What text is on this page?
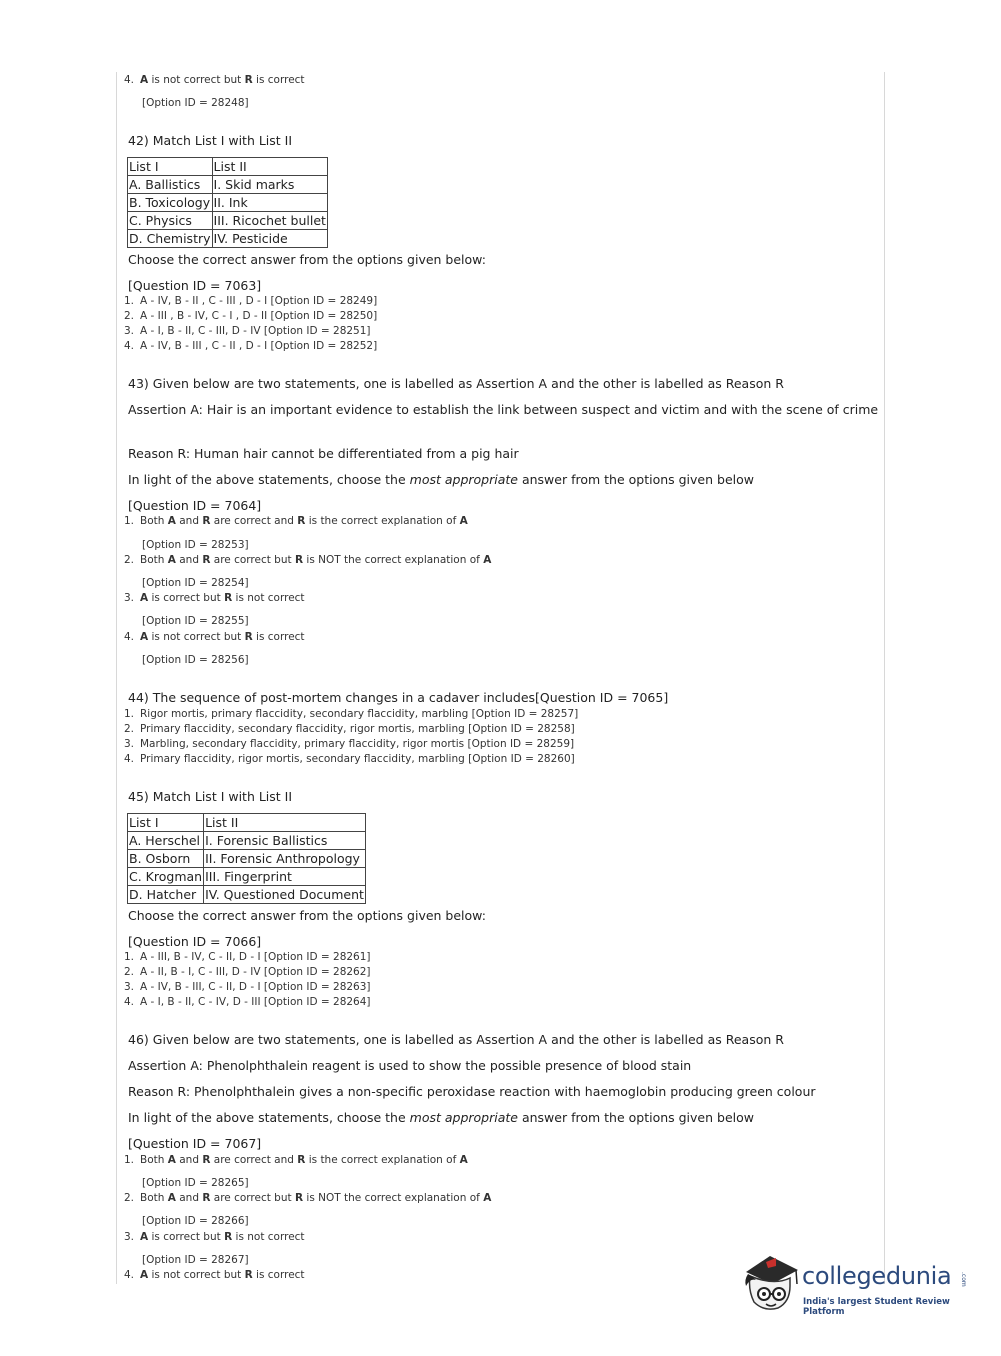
4. A is not correct but R is correct
[Option ID = 28248]
42) Match List I with List II
List I	List II
A. Ballistics	I. Skid marks
B. Toxicology	II. Ink
C. Physics	III. Ricochet bullet
D. Chemistry	IV. Pesticide
Choose the correct answer from the options given below:
[Question ID = 7063]
1. A - IV, B - II , C - III , D - I [Option ID = 28249]
2. A - III , B - IV, C - I , D - II [Option ID = 28250]
3. A - I, B - II, C - III, D - IV [Option ID = 28251]
4. A - IV, B - III , C - II , D - I [Option ID = 28252]
43) Given below are two statements, one is labelled as Assertion A and the other is labelled as Reason R
Assertion A: Hair is an important evidence to establish the link between suspect and victim and with the scene of crime
Reason R: Human hair cannot be differentiated from a pig hair
In light of the above statements, choose the most appropriate answer from the options given below
[Question ID = 7064]
1. Both A and R are correct and R is the correct explanation of A
[Option ID = 28253]
2. Both A and R are correct but R is NOT the correct explanation of A
[Option ID = 28254]
3. A is correct but R is not correct
[Option ID = 28255]
4. A is not correct but R is correct
[Option ID = 28256]
44) The sequence of post-mortem changes in a cadaver includes[Question ID = 7065]
1. Rigor mortis, primary flaccidity, secondary flaccidity, marbling [Option ID = 28257]
2. Primary flaccidity, secondary flaccidity, rigor mortis, marbling [Option ID = 28258]
3. Marbling, secondary flaccidity, primary flaccidity, rigor mortis [Option ID = 28259]
4. Primary flaccidity, rigor mortis, secondary flaccidity, marbling [Option ID = 28260]
45) Match List I with List II
List I	List II
A. Herschel	I. Forensic Ballistics
B. Osborn	II. Forensic Anthropology
C. Krogman	III. Fingerprint
D. Hatcher	IV. Questioned Document
Choose the correct answer from the options given below:
[Question ID = 7066]
1. A - III, B - IV, C - II, D - I [Option ID = 28261]
2. A - II, B - I, C - III, D - IV [Option ID = 28262]
3. A - IV, B - III, C - II, D - I [Option ID = 28263]
4. A - I, B - II, C - IV, D - III [Option ID = 28264]
46) Given below are two statements, one is labelled as Assertion A and the other is labelled as Reason R
Assertion A: Phenolphthalein reagent is used to show the possible presence of blood stain
Reason R: Phenolphthalein gives a non-specific peroxidase reaction with haemoglobin producing green colour
In light of the above statements, choose the most appropriate answer from the options given below
[Question ID = 7067]
1. Both A and R are correct and R is the correct explanation of A
[Option ID = 28265]
2. Both A and R are correct but R is NOT the correct explanation of A
[Option ID = 28266]
3. A is correct but R is not correct
[Option ID = 28267]
4. A is not correct but R is correct	collegedunia .com
India's largest Student Review Platform
